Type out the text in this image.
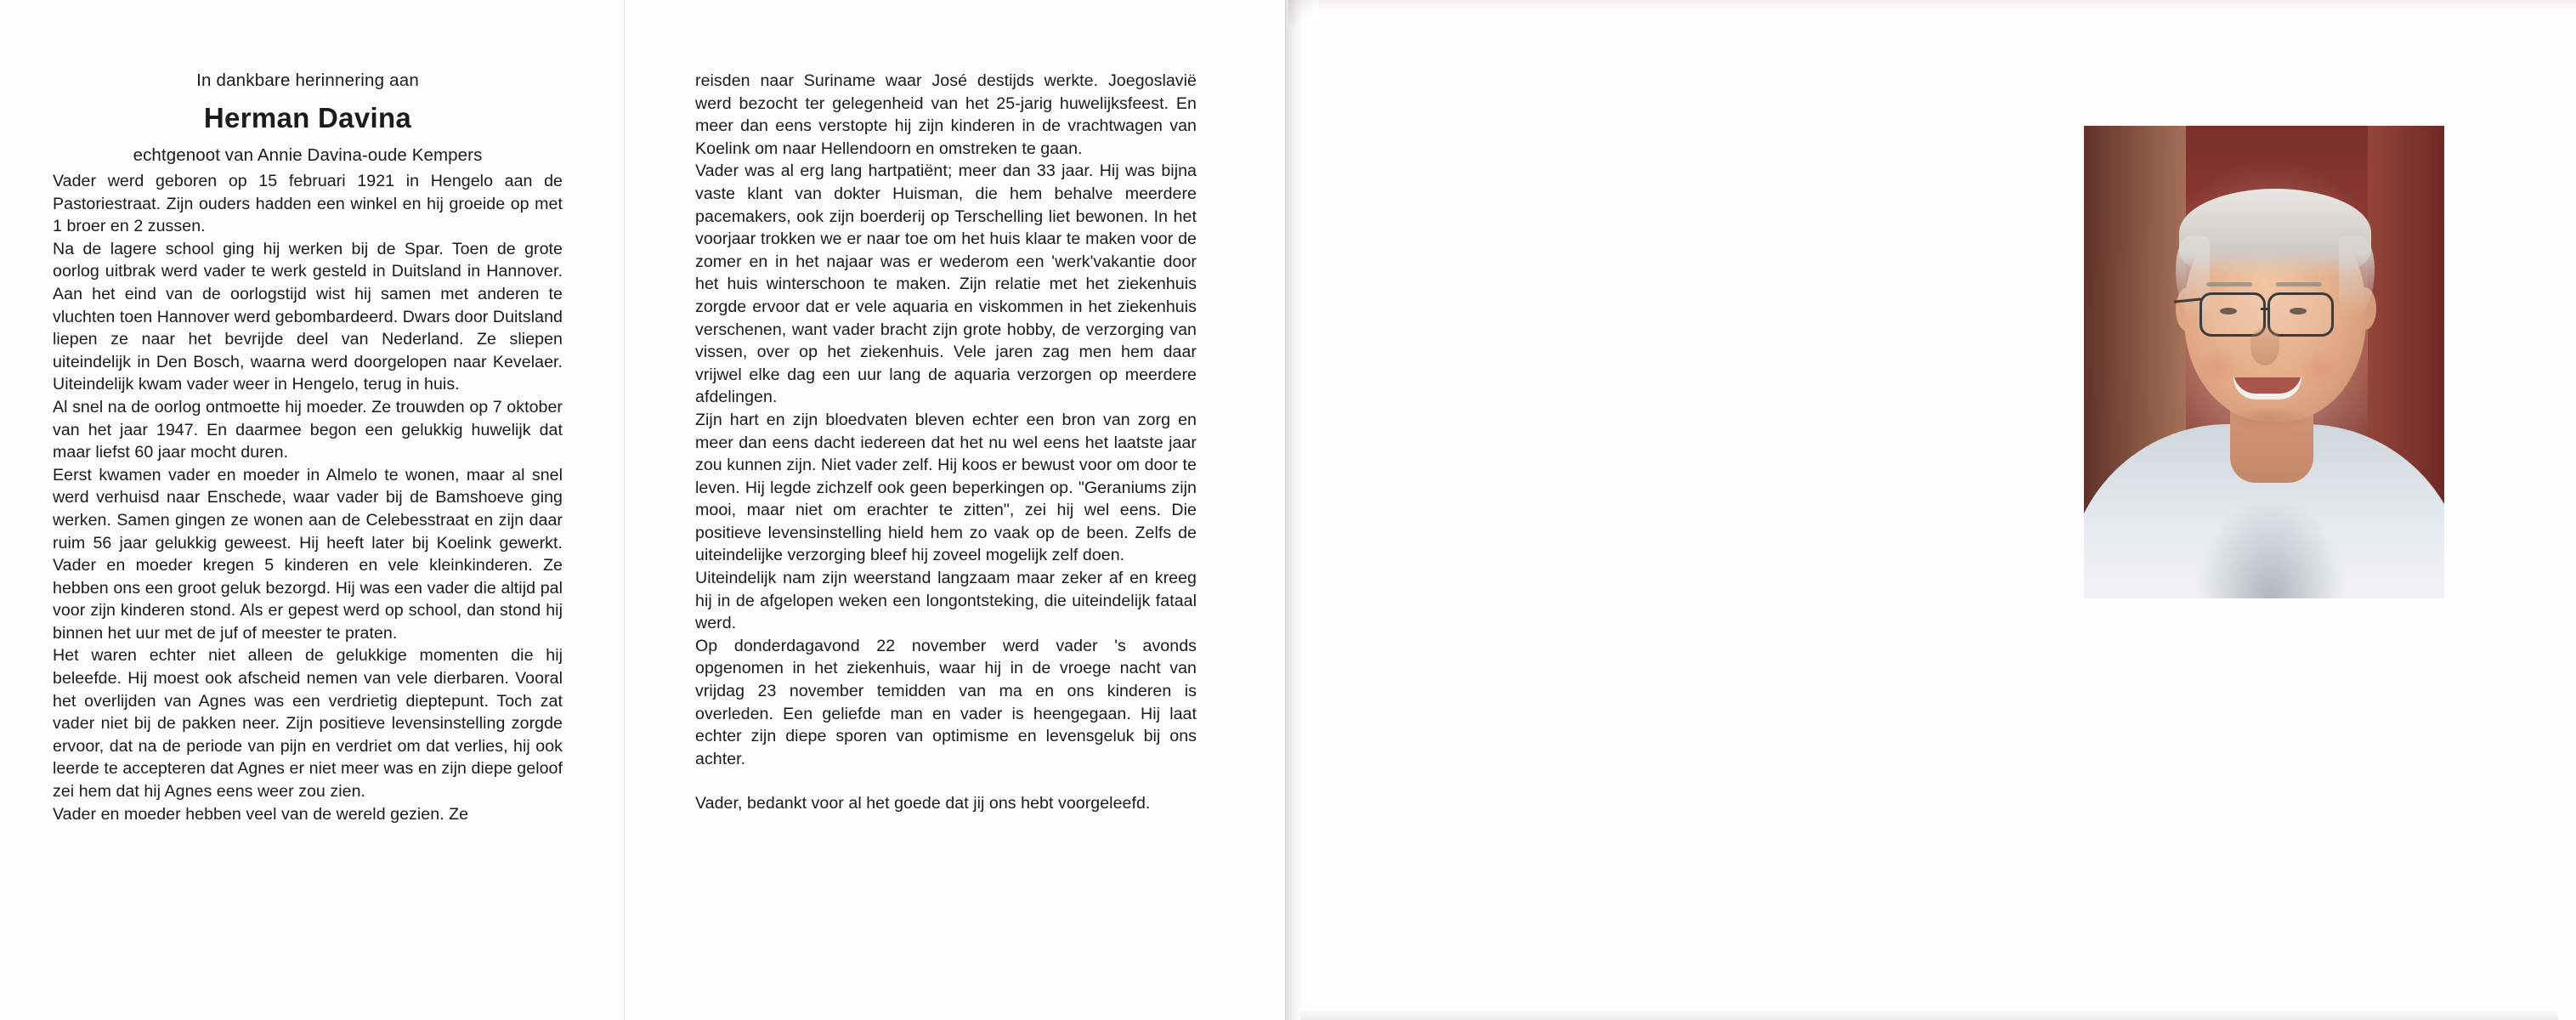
In dankbare herinnering aan
Herman Davina
echtgenoot van Annie Davina-oude Kempers

Vader werd geboren op 15 februari 1921 in Hengelo aan de Pastoriestraat. Zijn ouders hadden een winkel en hij groeide op met 1 broer en 2 zussen.

Na de lagere school ging hij werken bij de Spar. Toen de grote oorlog uitbrak werd vader te werk gesteld in Duitsland in Hannover. Aan het eind van de oorlogstijd wist hij samen met anderen te vluchten toen Hannover werd gebombardeerd. Dwars door Duitsland liepen ze naar het bevrijde deel van Nederland. Ze sliepen uiteindelijk in Den Bosch, waarna werd doorgelopen naar Kevelaer. Uiteindelijk kwam vader weer in Hengelo, terug in huis.

Al snel na de oorlog ontmoette hij moeder. Ze trouwden op 7 oktober van het jaar 1947. En daarmee begon een gelukkig huwelijk dat maar liefst 60 jaar mocht duren.

Eerst kwamen vader en moeder in Almelo te wonen, maar al snel werd verhuisd naar Enschede, waar vader bij de Bamshoeve ging werken. Samen gingen ze wonen aan de Celebesstraat en zijn daar ruim 56 jaar gelukkig geweest. Hij heeft later bij Koelink gewerkt. Vader en moeder kregen 5 kinderen en vele kleinkinderen. Ze hebben ons een groot geluk bezorgd. Hij was een vader die altijd pal voor zijn kinderen stond. Als er gepest werd op school, dan stond hij binnen het uur met de juf of meester te praten.

Het waren echter niet alleen de gelukkige momenten die hij beleefde. Hij moest ook afscheid nemen van vele dierbaren. Vooral het overlijden van Agnes was een verdrietig dieptepunt. Toch zat vader niet bij de pakken neer. Zijn positieve levensinstelling zorgde ervoor, dat na de periode van pijn en verdriet om dat verlies, hij ook leerde te accepteren dat Agnes er niet meer was en zijn diepe geloof zei hem dat hij Agnes eens weer zou zien.

Vader en moeder hebben veel van de wereld gezien. Ze

reisden naar Suriname waar José destijds werkte. Joegoslavië werd bezocht ter gelegenheid van het 25-jarig huwelijksfeest. En meer dan eens verstopte hij zijn kinderen in de vrachtwagen van Koelink om naar Hellendoorn en omstreken te gaan.

Vader was al erg lang hartpatiënt; meer dan 33 jaar. Hij was bijna vaste klant van dokter Huisman, die hem behalve meerdere pacemakers, ook zijn boerderij op Terschelling liet bewonen. In het voorjaar trokken we er naar toe om het huis klaar te maken voor de zomer en in het najaar was er wederom een 'werk'vakantie door het huis winterschoon te maken. Zijn relatie met het ziekenhuis zorgde ervoor dat er vele aquaria en viskommen in het ziekenhuis verschenen, want vader bracht zijn grote hobby, de verzorging van vissen, over op het ziekenhuis. Vele jaren zag men hem daar vrijwel elke dag een uur lang de aquaria verzorgen op meerdere afdelingen.

Zijn hart en zijn bloedvaten bleven echter een bron van zorg en meer dan eens dacht iedereen dat het nu wel eens het laatste jaar zou kunnen zijn. Niet vader zelf. Hij koos er bewust voor om door te leven. Hij legde zichzelf ook geen beperkingen op. "Geraniums zijn mooi, maar niet om erachter te zitten", zei hij wel eens. Die positieve levensinstelling hield hem zo vaak op de been. Zelfs de uiteindelijke verzorging bleef hij zoveel mogelijk zelf doen.

Uiteindelijk nam zijn weerstand langzaam maar zeker af en kreeg hij in de afgelopen weken een longontsteking, die uiteindelijk fataal werd.

Op donderdagavond 22 november werd vader 's avonds opgenomen in het ziekenhuis, waar hij in de vroege nacht van vrijdag 23 november temidden van ma en ons kinderen is overleden. Een geliefde man en vader is heengegaan. Hij laat echter zijn diepe sporen van optimisme en levensgeluk bij ons achter.

Vader, bedankt voor al het goede dat jij ons hebt voorgeleefd.
